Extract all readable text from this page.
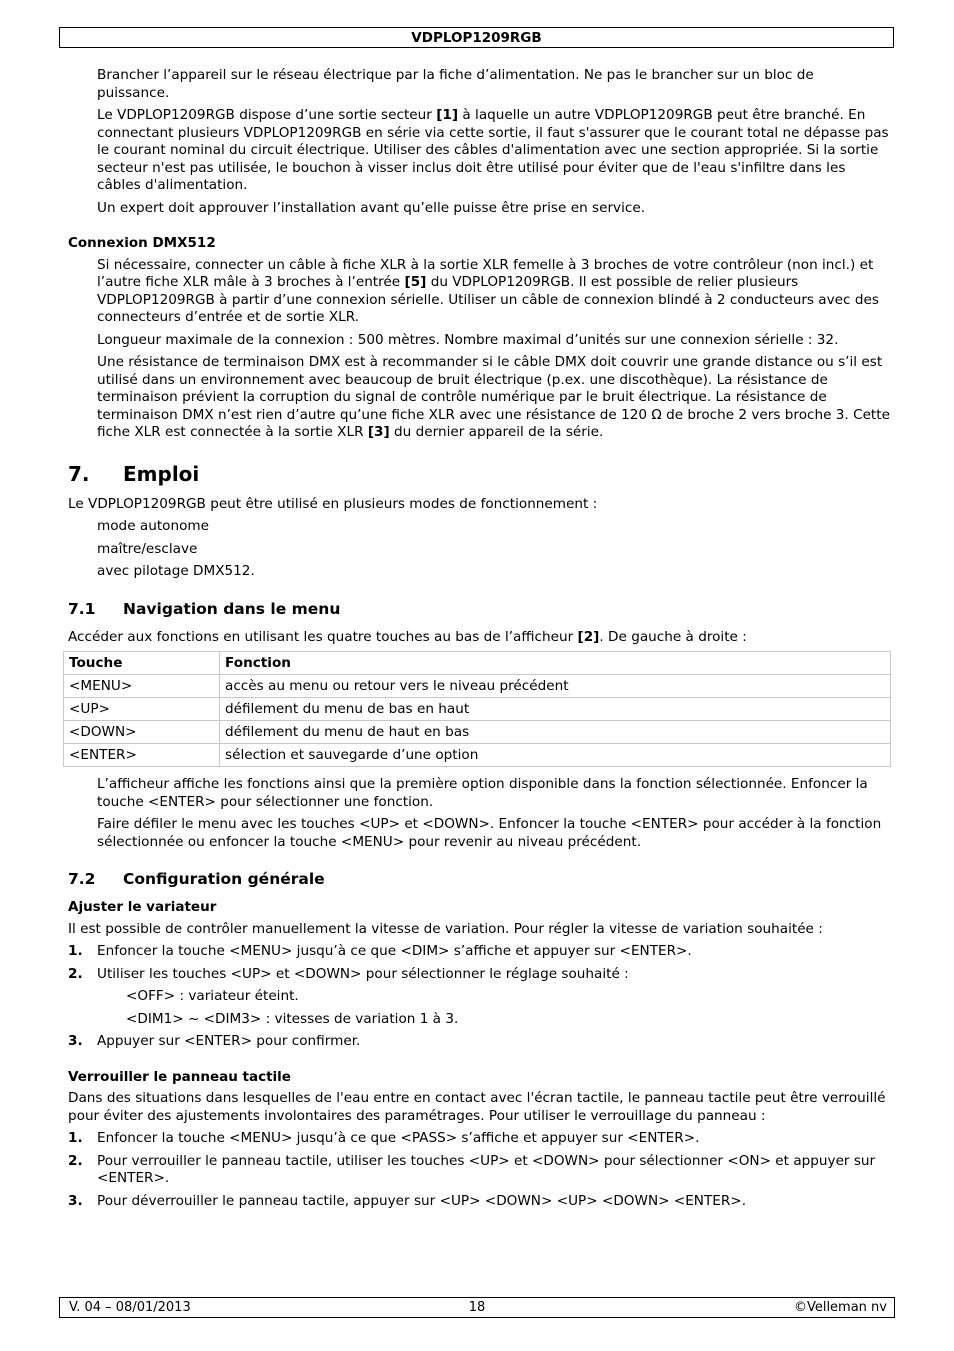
VDPLOP1209RGB

Brancher l’appareil sur le réseau électrique par la fiche d’alimentation. Ne pas le brancher sur un bloc de puissance.

Le VDPLOP1209RGB dispose d’une sortie secteur [1] à laquelle un autre VDPLOP1209RGB peut être branché. En connectant plusieurs VDPLOP1209RGB en série via cette sortie, il faut s'assurer que le courant total ne dépasse pas le courant nominal du circuit électrique. Utiliser des câbles d'alimentation avec une section appropriée. Si la sortie secteur n'est pas utilisée, le bouchon à visser inclus doit être utilisé pour éviter que de l'eau s'infiltre dans les câbles d'alimentation.

Un expert doit approuver l’installation avant qu’elle puisse être prise en service.

Connexion DMX512

Si nécessaire, connecter un câble à fiche XLR à la sortie XLR femelle à 3 broches de votre contrôleur (non incl.) et l’autre fiche XLR mâle à 3 broches à l’entrée [5] du VDPLOP1209RGB. Il est possible de relier plusieurs VDPLOP1209RGB à partir d’une connexion sérielle. Utiliser un câble de connexion blindé à 2 conducteurs avec des connecteurs d’entrée et de sortie XLR.

Longueur maximale de la connexion : 500 mètres. Nombre maximal d’unités sur une connexion sérielle : 32.

Une résistance de terminaison DMX est à recommander si le câble DMX doit couvrir une grande distance ou s’il est utilisé dans un environnement avec beaucoup de bruit électrique (p.ex. une discothèque). La résistance de terminaison prévient la corruption du signal de contrôle numérique par le bruit électrique. La résistance de terminaison DMX n’est rien d’autre qu’une fiche XLR avec une résistance de 120 Ω de broche 2 vers broche 3. Cette fiche XLR est connectée à la sortie XLR [3] du dernier appareil de la série.

7. Emploi

Le VDPLOP1209RGB peut être utilisé en plusieurs modes de fonctionnement :

mode autonome

maître/esclave

avec pilotage DMX512.

7.1 Navigation dans le menu

Accéder aux fonctions en utilisant les quatre touches au bas de l’afficheur [2]. De gauche à droite :

Touche	Fonction
<MENU>	accès au menu ou retour vers le niveau précédent
<UP>	défilement du menu de bas en haut
<DOWN>	défilement du menu de haut en bas
<ENTER>	sélection et sauvegarde d’une option

L’afficheur affiche les fonctions ainsi que la première option disponible dans la fonction sélectionnée. Enfoncer la touche <ENTER> pour sélectionner une fonction.

Faire défiler le menu avec les touches <UP> et <DOWN>. Enfoncer la touche <ENTER> pour accéder à la fonction sélectionnée ou enfoncer la touche <MENU> pour revenir au niveau précédent.

7.2 Configuration générale
Ajuster le variateur

Il est possible de contrôler manuellement la vitesse de variation. Pour régler la vitesse de variation souhaitée :

1. Enfoncer la touche <MENU> jusqu’à ce que <DIM> s’affiche et appuyer sur <ENTER>.
2. Utiliser les touches <UP> et <DOWN> pour sélectionner le réglage souhaité :

<OFF> : variateur éteint.

<DIM1> ~ <DIM3> : vitesses de variation 1 à 3.

3. Appuyer sur <ENTER> pour confirmer.
Verrouiller le panneau tactile

Dans des situations dans lesquelles de l'eau entre en contact avec l'écran tactile, le panneau tactile peut être verrouillé pour éviter des ajustements involontaires des paramétrages. Pour utiliser le verrouillage du panneau :

1. Enfoncer la touche <MENU> jusqu’à ce que <PASS> s’affiche et appuyer sur <ENTER>.
2. Pour verrouiller le panneau tactile, utiliser les touches <UP> et <DOWN> pour sélectionner <ON> et appuyer sur <ENTER>.
3. Pour déverrouiller le panneau tactile, appuyer sur <UP> <DOWN> <UP> <DOWN> <ENTER>.
V. 04 – 08/01/2013	18	©Velleman nv
